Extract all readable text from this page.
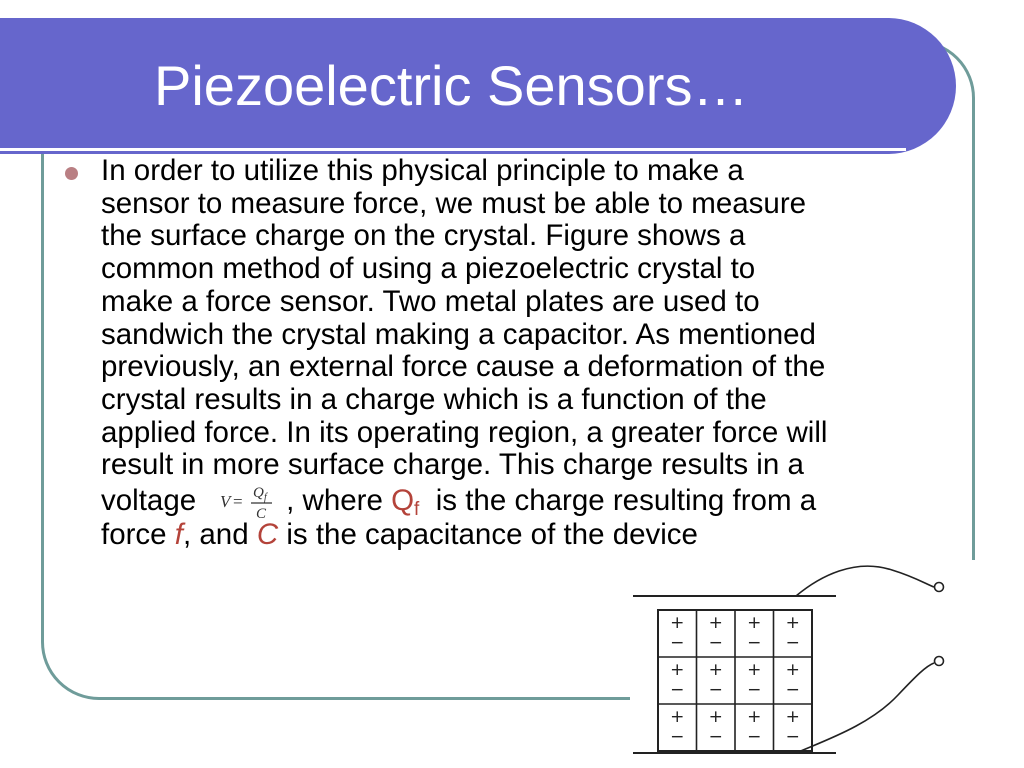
Piezoelectric Sensors…
In order to utilize this physical principle to make a
sensor to measure force, we must be able to measure
the surface charge on the crystal. Figure shows a
common method of using a piezoelectric crystal to
make a force sensor. Two metal plates are used to
sandwich the crystal making a capacitor. As mentioned
previously, an external force cause a deformation of the
crystal results in a charge which is a function of the
applied force. In its operating region, a greater force will
result in more surface charge. This charge results in a
voltage V = Q f
C , where $Q_f$ is the charge resulting from a
force f, and C is the capacitance of the device
+
−
+
−
+
−
+
−
+
−
+
−
+
−
+
−
+
−
+
−
+
−
+
−
